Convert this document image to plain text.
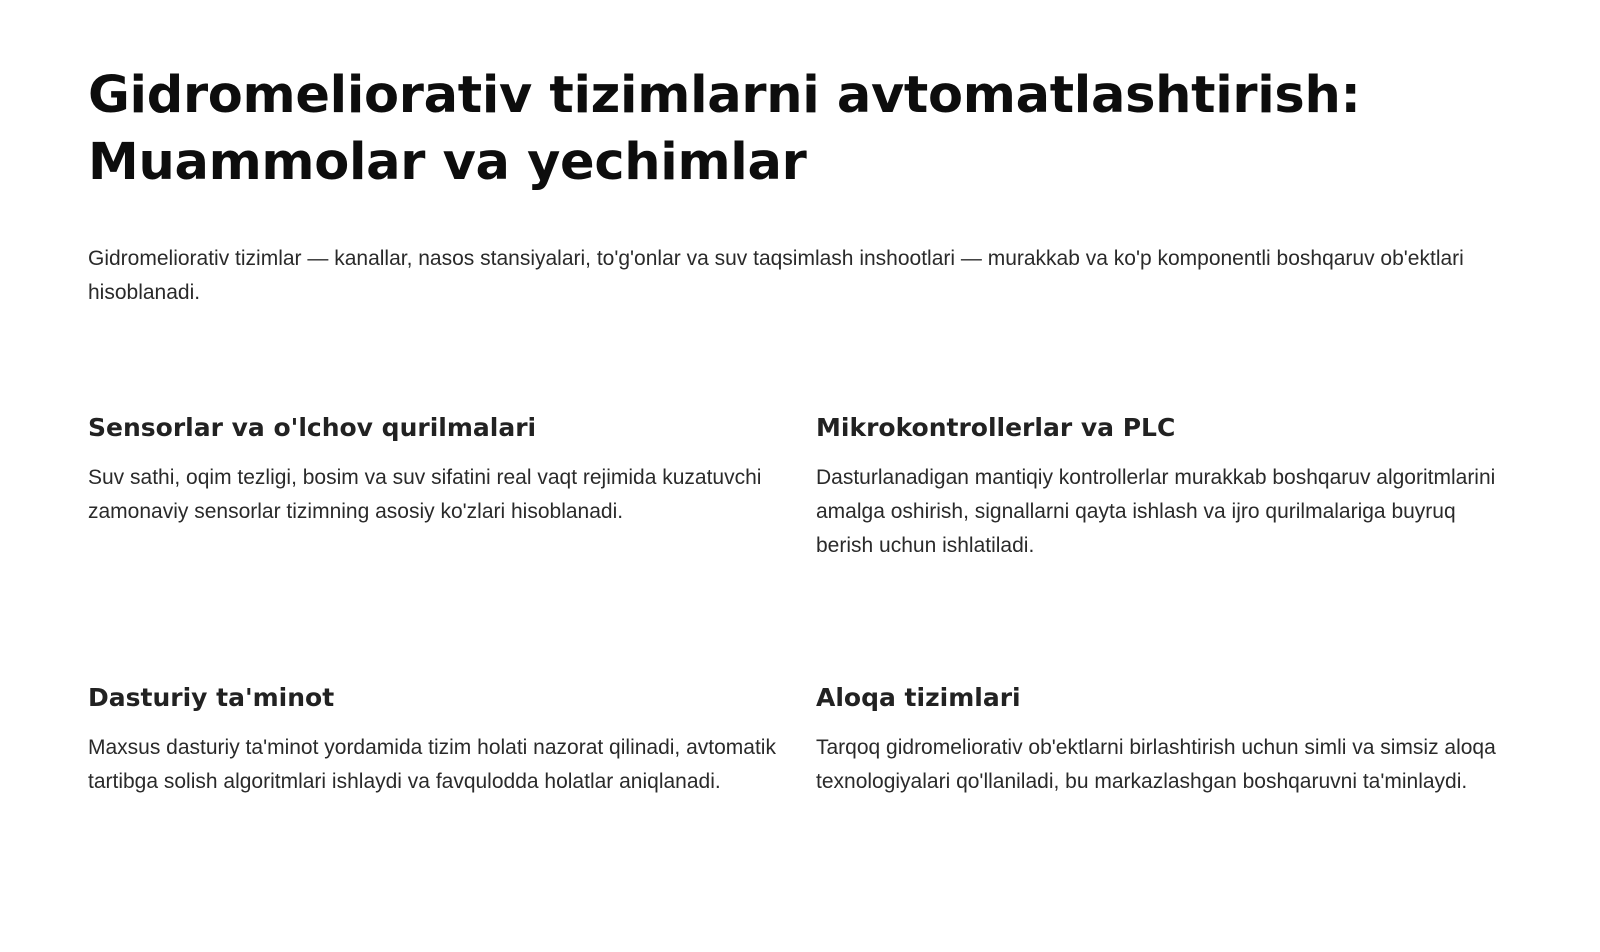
Gidromeliorativ tizimlarni avtomatlashtirish:
Muammolar va yechimlar

Gidromeliorativ tizimlar — kanallar, nasos stansiyalari, to'g'onlar va suv taqsimlash inshootlari — murakkab va ko'p komponentli boshqaruv ob'ektlari hisoblanadi.

Sensorlar va o'lchov qurilmalari

Suv sathi, oqim tezligi, bosim va suv sifatini real vaqt rejimida kuzatuvchi zamonaviy sensorlar tizimning asosiy ko'zlari hisoblanadi.

Mikrokontrollerlar va PLC

Dasturlanadigan mantiqiy kontrollerlar murakkab boshqaruv algoritmlarini amalga oshirish, signallarni qayta ishlash va ijro qurilmalariga buyruq berish uchun ishlatiladi.

Dasturiy ta'minot

Maxsus dasturiy ta'minot yordamida tizim holati nazorat qilinadi, avtomatik tartibga solish algoritmlari ishlaydi va favqulodda holatlar aniqlanadi.

Aloqa tizimlari

Tarqoq gidromeliorativ ob'ektlarni birlashtirish uchun simli va simsiz aloqa texnologiyalari qo'llaniladi, bu markazlashgan boshqaruvni ta'minlaydi.
